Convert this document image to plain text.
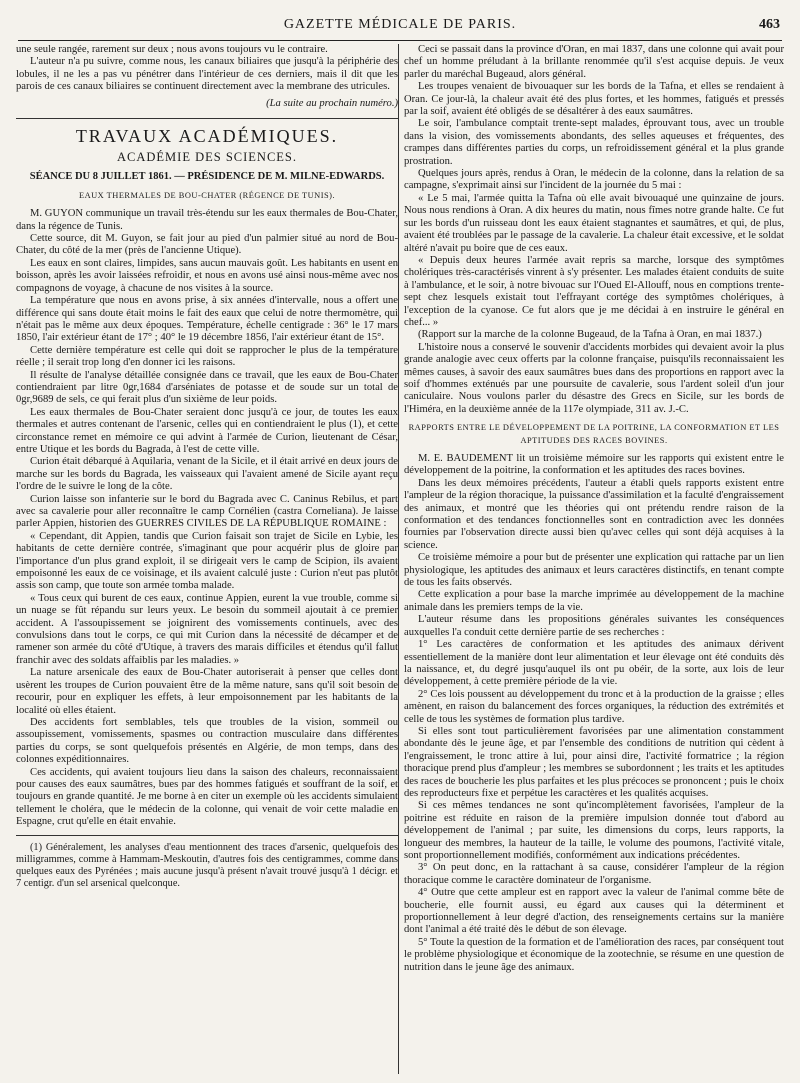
GAZETTE MÉDICALE DE PARIS.	463

une seule rangée, rarement sur deux ; nous avons toujours vu le contraire.

L'auteur n'a pu suivre, comme nous, les canaux biliaires que jusqu'à la périphérie des lobules, il ne les a pas vu pénétrer dans l'intérieur de ces derniers, mais il dit que les parois de ces canaux biliaires se continuent directement avec la membrane des utricules.

(La suite au prochain numéro.)
TRAVAUX ACADÉMIQUES.
ACADÉMIE DES SCIENCES.
SÉANCE DU 8 JUILLET 1861. — PRÉSIDENCE DE M. MILNE-EDWARDS.
EAUX THERMALES DE BOU-CHATER (RÉGENCE DE TUNIS).

M. GUYON communique un travail très-étendu sur les eaux thermales de Bou-Chater, dans la régence de Tunis.

Cette source, dit M. Guyon, se fait jour au pied d'un palmier situé au nord de Bou-Chater, du côté de la mer (près de l'ancienne Utique).

Les eaux en sont claires, limpides, sans aucun mauvais goût. Les habitants en usent en boisson, après les avoir laissées refroidir, et nous en avons usé ainsi nous-même avec nos compagnons de voyage, à chacune de nos visites à la source.

La température que nous en avons prise, à six années d'intervalle, nous a offert une différence qui sans doute était moins le fait des eaux que celui de notre thermomètre, qui n'était pas le même aux deux époques. Température, échelle centigrade : 36° le 17 mars 1850, l'air extérieur étant de 17° ; 40° le 19 décembre 1856, l'air extérieur étant de 15°.

Cette dernière température est celle qui doit se rapprocher le plus de la température réelle ; il serait trop long d'en donner ici les raisons.

Il résulte de l'analyse détaillée consignée dans ce travail, que les eaux de Bou-Chater contiendraient par litre 0gr,1684 d'arséniates de potasse et de soude sur un total de 0gr,9689 de sels, ce qui ferait plus d'un sixième de leur poids.

Les eaux thermales de Bou-Chater seraient donc jusqu'à ce jour, de toutes les eaux thermales et autres contenant de l'arsenic, celles qui en contiendraient le plus (1), et cette circonstance remet en mémoire ce qui advint à l'armée de Curion, lieutenant de César, entre Utique et les bords du Bagrada, à l'est de cette ville.

Curion était débarqué à Aquilaria, venant de la Sicile, et il était arrivé en deux jours de marche sur les bords du Bagrada, les vaisseaux qui l'avaient amené de Sicile ayant reçu l'ordre de le suivre le long de la côte.

Curion laisse son infanterie sur le bord du Bagrada avec C. Caninus Rebilus, et part avec sa cavalerie pour aller reconnaître le camp Cornélien (castra Corneliana). Je laisse parler Appien, historien des GUERRES CIVILES DE LA RÉPUBLIQUE ROMAINE :

« Cependant, dit Appien, tandis que Curion faisait son trajet de Sicile en Lybie, les habitants de cette dernière contrée, s'imaginant que pour acquérir plus de gloire par l'importance d'un plus grand exploit, il se dirigeait vers le camp de Scipion, ils avaient empoisonné les eaux de ce voisinage, et ils avaient calculé juste : Curion n'eut pas plutôt assis son camp, que toute son armée tomba malade.

« Tous ceux qui burent de ces eaux, continue Appien, eurent la vue trouble, comme si un nuage se fût répandu sur leurs yeux. Le besoin du sommeil ajoutait à ce premier accident. A l'assoupissement se joignirent des vomissements continuels, avec des convulsions dans tout le corps, ce qui mit Curion dans la nécessité de décamper et de ramener son armée du côté d'Utique, à travers des marais difficiles et étendus qu'il fallut franchir avec des soldats affaiblis par les maladies. »

La nature arsenicale des eaux de Bou-Chater autoriserait à penser que celles dont usèrent les troupes de Curion pouvaient être de la même nature, sans qu'il soit besoin de recourir, pour en expliquer les effets, à leur empoisonnement par les habitants de la localité où elles étaient.

Des accidents fort semblables, tels que troubles de la vision, sommeil ou assoupissement, vomissements, spasmes ou contraction musculaire dans différentes parties du corps, se sont quelquefois présentés en Algérie, de mon temps, dans des colonnes expéditionnaires.

Ces accidents, qui avaient toujours lieu dans la saison des chaleurs, reconnaissaient pour causes des eaux saumâtres, bues par des hommes fatigués et souffrant de la soif, et toujours en grande quantité. Je me borne à en citer un exemple où les accidents simulaient tellement le choléra, que le médecin de la colonne, qui venait de voir cette maladie en Espagne, crut qu'elle en était envahie.

(1) Généralement, les analyses d'eau mentionnent des traces d'arsenic, quelquefois des milligrammes, comme à Hammam-Meskoutin, d'autres fois des centigrammes, comme dans quelques eaux des Pyrénées ; mais aucune jusqu'à présent n'avait trouvé jusqu'à 1 décigr. et 7 centigr. d'un sel arsenical quelconque.

Ceci se passait dans la province d'Oran, en mai 1837, dans une colonne qui avait pour chef un homme préludant à la brillante renommée qu'il s'est acquise depuis. Je veux parler du maréchal Bugeaud, alors général.

Les troupes venaient de bivouaquer sur les bords de la Tafna, et elles se rendaient à Oran. Ce jour-là, la chaleur avait été des plus fortes, et les hommes, fatigués et pressés par la soif, avaient été obligés de se désaltérer à des eaux saumâtres.

Le soir, l'ambulance comptait trente-sept malades, éprouvant tous, avec un trouble dans la vision, des vomissements abondants, des selles aqueuses et fréquentes, des crampes dans différentes parties du corps, un refroidissement général et la plus grande prostration.

Quelques jours après, rendus à Oran, le médecin de la colonne, dans la relation de sa campagne, s'exprimait ainsi sur l'incident de la journée du 5 mai :

« Le 5 mai, l'armée quitta la Tafna où elle avait bivouaqué une quinzaine de jours. Nous nous rendions à Oran. A dix heures du matin, nous fîmes notre grande halte. Ce fut sur les bords d'un ruisseau dont les eaux étaient stagnantes et saumâtres, et qui, de plus, avaient été troublées par le passage de la cavalerie. La chaleur était excessive, et le soldat altéré n'avait pu boire que de ces eaux.

« Depuis deux heures l'armée avait repris sa marche, lorsque des symptômes cholériques très-caractérisés vinrent à s'y présenter. Les malades étaient conduits de suite à l'ambulance, et le soir, à notre bivouac sur l'Oued El-Allouff, nous en comptions trente-sept chez lesquels existait tout l'effrayant cortége des symptômes cholériques, à l'exception de la cyanose. Ce fut alors que je me décidai à en instruire le général en chef... »

(Rapport sur la marche de la colonne Bugeaud, de la Tafna à Oran, en mai 1837.)

L'histoire nous a conservé le souvenir d'accidents morbides qui devaient avoir la plus grande analogie avec ceux offerts par la colonne française, puisqu'ils reconnaissaient les mêmes causes, à savoir des eaux saumâtres bues dans des proportions en rapport avec la soif d'hommes exténués par une poursuite de cavalerie, sous l'ardent soleil d'un jour caniculaire. Nous voulons parler du désastre des Grecs en Sicile, sur les bords de l'Himéra, en la deuxième année de la 117e olympiade, 311 av. J.-C.

RAPPORTS ENTRE LE DÉVELOPPEMENT DE LA POITRINE, LA CONFORMATION ET LES APTITUDES DES RACES BOVINES.

M. E. BAUDEMENT lit un troisième mémoire sur les rapports qui existent entre le développement de la poitrine, la conformation et les aptitudes des races bovines.

Dans les deux mémoires précédents, l'auteur a établi quels rapports existent entre l'ampleur de la région thoracique, la puissance d'assimilation et la faculté d'engraissement des animaux, et montré que les théories qui ont prétendu rendre raison de la conformation et des tendances fonctionnelles sont en contradiction avec les données fournies par l'observation directe aussi bien qu'avec celles qui sont déjà acquises à la science.

Ce troisième mémoire a pour but de présenter une explication qui rattache par un lien physiologique, les aptitudes des animaux et leurs caractères distinctifs, en tenant compte de tous les faits observés.

Cette explication a pour base la marche imprimée au développement de la machine animale dans les premiers temps de la vie.

L'auteur résume dans les propositions générales suivantes les conséquences auxquelles l'a conduit cette dernière partie de ses recherches :

1° Les caractères de conformation et les aptitudes des animaux dérivent essentiellement de la manière dont leur alimentation et leur élevage ont été conduits dès la naissance, et, du degré jusqu'auquel ils ont pu obéir, de la sorte, aux lois de leur développement, à cette première période de la vie.

2° Ces lois poussent au développement du tronc et à la production de la graisse ; elles amènent, en raison du balancement des forces organiques, la réduction des extrémités et celle de tous les systèmes de formation plus tardive.

Si elles sont tout particulièrement favorisées par une alimentation constamment abondante dès le jeune âge, et par l'ensemble des conditions de nutrition qui cèdent à l'engraissement, le tronc attire à lui, pour ainsi dire, l'activité formatrice ; la région thoracique prend plus d'ampleur ; les membres se subordonnent ; les traits et les aptitudes des races de boucherie les plus parfaites et les plus précoces se prononcent ; puis le choix des reproducteurs fixe et perpétue les caractères et les qualités acquises.

Si ces mêmes tendances ne sont qu'incomplètement favorisées, l'ampleur de la poitrine est réduite en raison de la première impulsion donnée tout d'abord au développement de l'animal ; par suite, les dimensions du corps, leurs rapports, la longueur des membres, la hauteur de la taille, le volume des poumons, l'activité vitale, sont proportionnellement modifiés, conformément aux indications précédentes.

3° On peut donc, en la rattachant à sa cause, considérer l'ampleur de la région thoracique comme le caractère dominateur de l'organisme.

4° Outre que cette ampleur est en rapport avec la valeur de l'animal comme bête de boucherie, elle fournit aussi, eu égard aux causes qui la déterminent et proportionnellement à leur degré d'action, des renseignements certains sur la manière dont l'animal a été traité dès le début de son élevage.

5° Toute la question de la formation et de l'amélioration des races, par conséquent tout le problème physiologique et économique de la zootechnie, se résume en une question de nutrition dans le jeune âge des animaux.
